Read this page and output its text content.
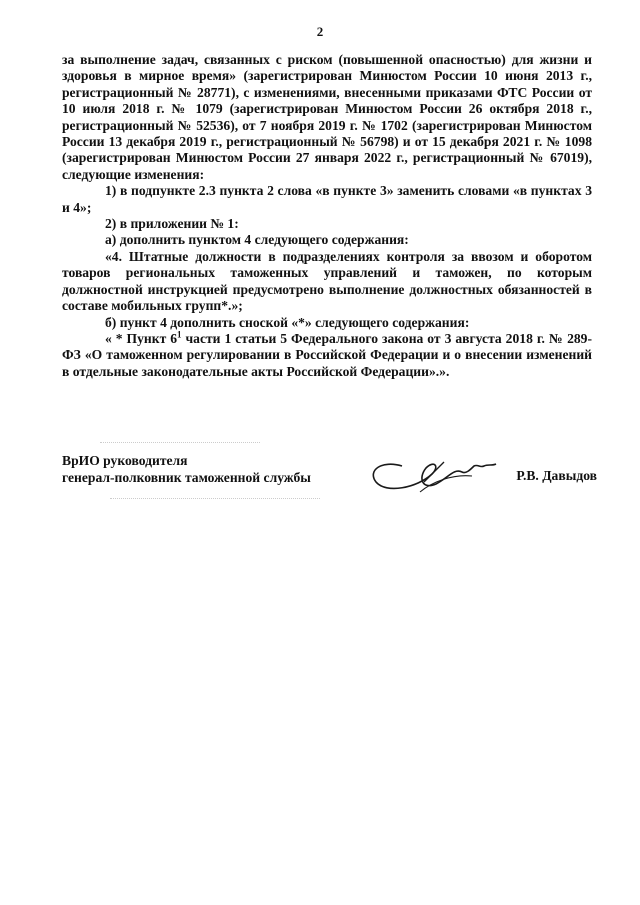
2

за выполнение задач, связанных с риском (повышенной опасностью) для жизни и здоровья в мирное время» (зарегистрирован Минюстом России 10 июня 2013 г., регистрационный № 28771), с изменениями, внесенными приказами ФТС России от 10 июля 2018 г. № 1079 (зарегистрирован Минюстом России 26 октября 2018 г., регистрационный № 52536), от 7 ноября 2019 г. № 1702 (зарегистрирован Минюстом России 13 декабря 2019 г., регистрационный № 56798) и от 15 декабря 2021 г. № 1098 (зарегистрирован Минюстом России 27 января 2022 г., регистрационный № 67019), следующие изменения:

1) в подпункте 2.3 пункта 2 слова «в пункте 3» заменить словами «в пунктах 3 и 4»;

2) в приложении № 1:

а) дополнить пунктом 4 следующего содержания:

«4. Штатные должности в подразделениях контроля за ввозом и оборотом товаров региональных таможенных управлений и таможен, по которым должностной инструкцией предусмотрено выполнение должностных обязанностей в составе мобильных групп*.»;

б) пункт 4 дополнить сноской «*» следующего содержания:

« * Пункт $6^1$ части 1 статьи 5 Федерального закона от 3 августа 2018 г. № 289-ФЗ «О таможенном регулировании в Российской Федерации и о внесении изменений в отдельные законодательные акты Российской Федерации».».

ВрИО руководителя
генерал-полковник таможенной службы	Р.В. Давыдов
